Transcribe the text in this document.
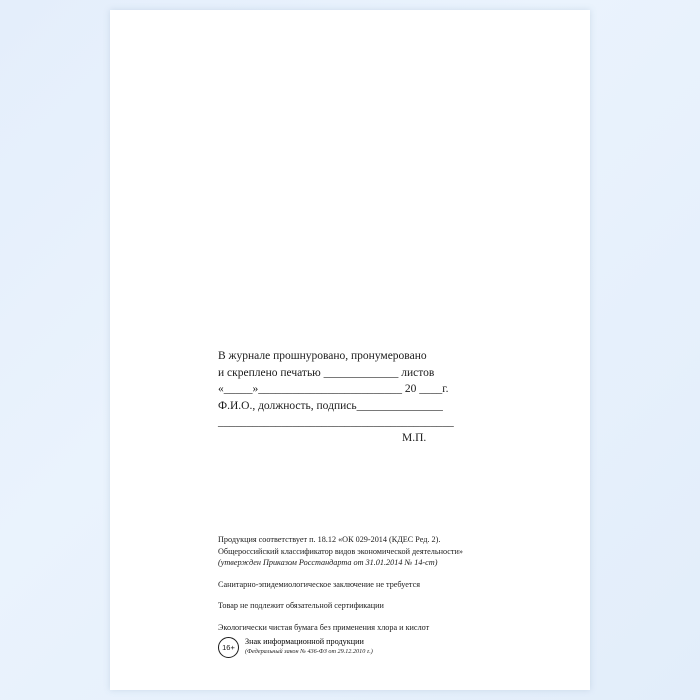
В журнале прошнуровано, пронумеровано
и скреплено печатью _____________ листов
«_____»_________________________ 20 ____г.
Ф.И.О., должность, подпись_______________
_________________________________________
М.П.
Продукция соответствует п. 18.12 «ОК 029-2014 (КДЕС Ред. 2).
Общероссийский классификатор видов экономической деятельности»
(утвержден Приказом Росстандарта от 31.01.2014 № 14-ст)
Санитарно-эпидемиологическое заключение не требуется
Товар не подлежит обязательной сертификации
Экологически чистая бумага без применения хлора и кислот
16+
Знак информационной продукции
(Федеральный закон № 436-ФЗ от 29.12.2010 г.)
